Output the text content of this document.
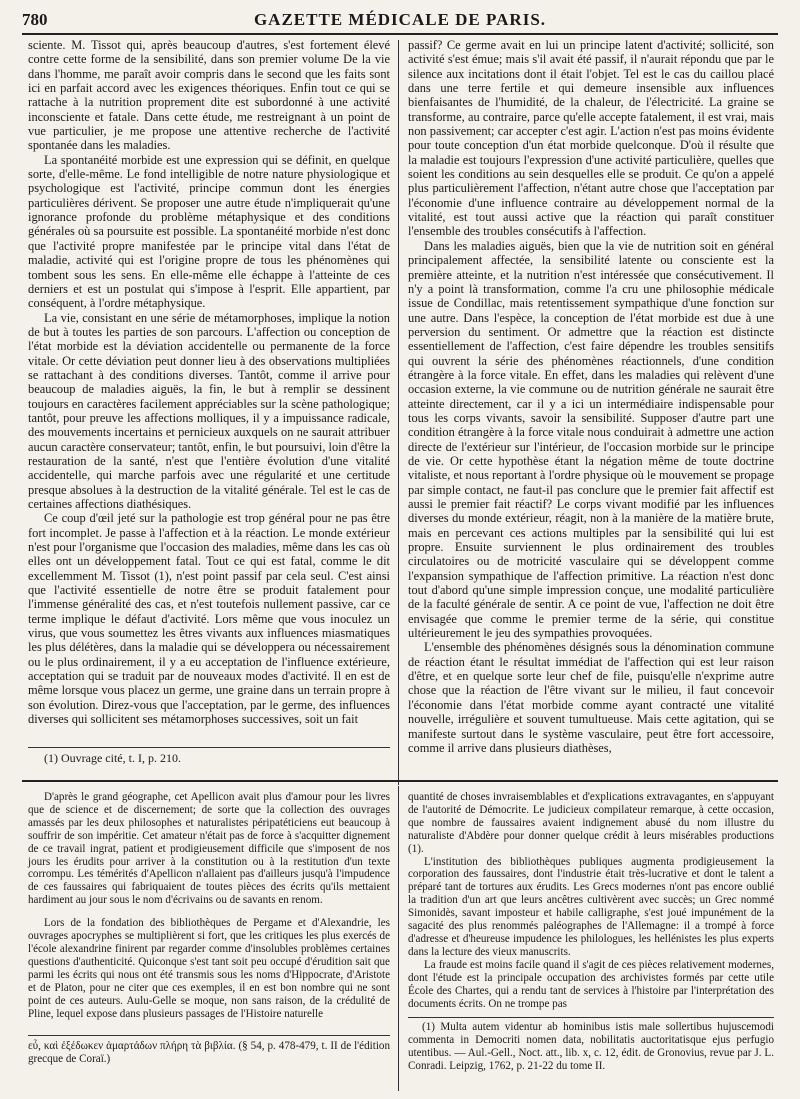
780	GAZETTE MÉDICALE DE PARIS.

sciente. M. Tissot qui, après beaucoup d'autres, s'est fortement élevé contre cette forme de la sensibilité, dans son premier volume De la vie dans l'homme, me paraît avoir compris dans le second que les faits sont ici en parfait accord avec les exigences théoriques. Enfin tout ce qui se rattache à la nutrition proprement dite est subordonné à une activité inconsciente et fatale. Dans cette étude, me restreignant à un point de vue particulier, je me propose une attentive recherche de l'activité spontanée dans les maladies.

La spontanéité morbide est une expression qui se définit, en quelque sorte, d'elle-même. Le fond intelligible de notre nature physiologique et psychologique est l'activité, principe commun dont les énergies particulières dérivent. Se proposer une autre étude n'impliquerait qu'une ignorance profonde du problème métaphysique et des conditions générales où sa poursuite est possible. La spontanéité morbide n'est donc que l'activité propre manifestée par le principe vital dans l'état de maladie, activité qui est l'origine propre de tous les phénomènes qui tombent sous les sens. En elle-même elle échappe à l'atteinte de ces derniers et est un postulat qui s'impose à l'esprit. Elle appartient, par conséquent, à l'ordre métaphysique.

La vie, consistant en une série de métamorphoses, implique la notion de but à toutes les parties de son parcours. L'affection ou conception de l'état morbide est la déviation accidentelle ou permanente de la force vitale. Or cette déviation peut donner lieu à des observations multipliées se rattachant à des conditions diverses. Tantôt, comme il arrive pour beaucoup de maladies aiguës, la fin, le but à remplir se dessinent toujours en caractères facilement appréciables sur la scène pathologique; tantôt, pour preuve les affections molliques, il y a impuissance radicale, des mouvements incertains et pernicieux auxquels on ne saurait attribuer aucun caractère conservateur; tantôt, enfin, le but poursuivi, loin d'être la restauration de la santé, n'est que l'entière évolution d'une vitalité accidentelle, qui marche parfois avec une régularité et une certitude presque absolues à la destruction de la vitalité générale. Tel est le cas de certaines affections diathésiques.

Ce coup d'œil jeté sur la pathologie est trop général pour ne pas être fort incomplet. Je passe à l'affection et à la réaction. Le monde extérieur n'est pour l'organisme que l'occasion des maladies, même dans les cas où elles ont un développement fatal. Tout ce qui est fatal, comme le dit excellemment M. Tissot (1), n'est point passif par cela seul. C'est ainsi que l'activité essentielle de notre être se produit fatalement pour l'immense généralité des cas, et n'est toutefois nullement passive, car ce terme implique le défaut d'activité. Lors même que vous inoculez un virus, que vous soumettez les êtres vivants aux influences miasmatiques les plus délétères, dans la maladie qui se développera ou nécessairement ou le plus ordinairement, il y a eu acceptation de l'influence extérieure, acceptation qui se traduit par de nouveaux modes d'activité. Il en est de même lorsque vous placez un germe, une graine dans un terrain propre à son évolution. Direz-vous que l'acceptation, par le germe, des influences diverses qui sollicitent ses métamorphoses successives, soit un fait

passif? Ce germe avait en lui un principe latent d'activité; sollicité, son activité s'est émue; mais s'il avait été passif, il n'aurait répondu que par le silence aux incitations dont il était l'objet. Tel est le cas du caillou placé dans une terre fertile et qui demeure insensible aux influences bienfaisantes de l'humidité, de la chaleur, de l'électricité. La graine se transforme, au contraire, parce qu'elle accepte fatalement, il est vrai, mais non passivement; car accepter c'est agir. L'action n'est pas moins évidente pour toute conception d'un état morbide quelconque. D'où il résulte que la maladie est toujours l'expression d'une activité particulière, quelles que soient les conditions au sein desquelles elle se produit. Ce qu'on a appelé plus particulièrement l'affection, n'étant autre chose que l'acceptation par l'économie d'une influence contraire au développement normal de la vitalité, est tout aussi active que la réaction qui paraît constituer l'ensemble des troubles consécutifs à l'affection.

Dans les maladies aiguës, bien que la vie de nutrition soit en général principalement affectée, la sensibilité latente ou consciente est la première atteinte, et la nutrition n'est intéressée que consécutivement. Il n'y a point là transformation, comme l'a cru une philosophie médicale issue de Condillac, mais retentissement sympathique d'une fonction sur une autre. Dans l'espèce, la conception de l'état morbide est due à une perversion du sentiment. Or admettre que la réaction est distincte essentiellement de l'affection, c'est faire dépendre les troubles sensitifs qui ouvrent la série des phénomènes réactionnels, d'une condition étrangère à la force vitale. En effet, dans les maladies qui relèvent d'une occasion externe, la vie commune ou de nutrition générale ne saurait être atteinte directement, car il y a ici un intermédiaire indispensable pour tous les corps vivants, savoir la sensibilité. Supposer d'autre part une condition étrangère à la force vitale nous conduirait à admettre une action directe de l'extérieur sur l'intérieur, de l'occasion morbide sur le principe de vie. Or cette hypothèse étant la négation même de toute doctrine vitaliste, et nous reportant à l'ordre physique où le mouvement se propage par simple contact, ne faut-il pas conclure que le premier fait affectif est aussi le premier fait réactif? Le corps vivant modifié par les influences diverses du monde extérieur, réagit, non à la manière de la matière brute, mais en percevant ces actions multiples par la sensibilité qui lui est propre. Ensuite surviennent le plus ordinairement des troubles circulatoires ou de motricité vasculaire qui se développent comme l'expansion sympathique de l'affection primitive. La réaction n'est donc tout d'abord qu'une simple impression conçue, une modalité particulière de la faculté générale de sentir. A ce point de vue, l'affection ne doit être envisagée que comme le premier terme de la série, qui constitue ultérieurement le jeu des sympathies provoquées.

L'ensemble des phénomènes désignés sous la dénomination commune de réaction étant le résultat immédiat de l'affection qui est leur raison d'être, et en quelque sorte leur chef de file, puisqu'elle n'exprime autre chose que la réaction de l'être vivant sur le milieu, il faut concevoir l'économie dans l'état morbide comme ayant contracté une vitalité nouvelle, irrégulière et souvent tumultueuse. Mais cette agitation, qui se manifeste surtout dans le système vasculaire, peut être fort accessoire, comme il arrive dans plusieurs diathèses,

(1) Ouvrage cité, t. I, p. 210.

D'après le grand géographe, cet Apellicon avait plus d'amour pour les livres que de science et de discernement; de sorte que la collection des ouvrages amassés par les deux philosophes et naturalistes péripatéticiens eut beaucoup à souffrir de son impéritie. Cet amateur n'était pas de force à s'acquitter dignement de ce travail ingrat, patient et prodigieusement difficile que s'imposent de nos jours les érudits pour arriver à la constitution ou à la restitution d'un texte corrompu. Les témérités d'Apellicon n'allaient pas d'ailleurs jusqu'à l'impudence de ces faussaires qui fabriquaient de toutes pièces des écrits qu'ils mettaient hardiment au jour sous le nom d'écrivains ou de savants en renom.

Lors de la fondation des bibliothèques de Pergame et d'Alexandrie, les ouvrages apocryphes se multiplièrent si fort, que les critiques les plus exercés de l'école alexandrine finirent par regarder comme d'insolubles problèmes certaines questions d'authenticité. Quiconque s'est tant soit peu occupé d'érudition sait que parmi les écrits qui nous ont été transmis sous les noms d'Hippocrate, d'Aristote et de Platon, pour ne citer que ces exemples, il en est bon nombre qui ne sont point de ces auteurs. Aulu-Gelle se moque, non sans raison, de la crédulité de Pline, lequel expose dans plusieurs passages de l'Histoire naturelle

εὖ, καὶ ἐξέδωκεν ἁμαρτάδων πλήρη τὰ βιβλία. (§ 54, p. 478-479, t. II de l'édition grecque de Coraï.)

quantité de choses invraisemblables et d'explications extravagantes, en s'appuyant de l'autorité de Démocrite. Le judicieux compilateur remarque, à cette occasion, que nombre de faussaires avaient indignement abusé du nom illustre du naturaliste d'Abdère pour donner quelque crédit à leurs misérables productions (1).

L'institution des bibliothèques publiques augmenta prodigieusement la corporation des faussaires, dont l'industrie était très-lucrative et dont le talent a préparé tant de tortures aux érudits. Les Grecs modernes n'ont pas encore oublié la tradition d'un art que leurs ancêtres cultivèrent avec succès; un Grec nommé Simonidès, savant imposteur et habile calligraphe, s'est joué impunément de la sagacité des plus renommés paléographes de l'Allemagne: il a trompé à force d'adresse et d'heureuse impudence les philologues, les hellénistes les plus experts dans la lecture des vieux manuscrits.

La fraude est moins facile quand il s'agit de ces pièces relativement modernes, dont l'étude est la principale occupation des archivistes formés par cette utile École des Chartes, qui a rendu tant de services à l'histoire par l'interprétation des documents écrits. On ne trompe pas

(1) Multa autem videntur ab hominibus istis male sollertibus hujuscemodi commenta in Democriti nomen data, nobilitatis auctoritatisque ejus perfugio utentibus. — Aul.-Gell., Noct. att., lib. x, c. 12, édit. de Gronovius, revue par J. L. Conradi. Leipzig, 1762, p. 21-22 du tome II.
